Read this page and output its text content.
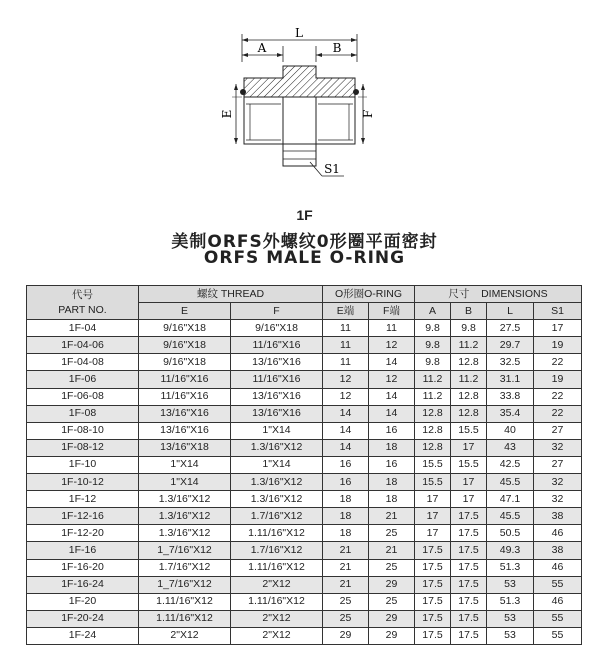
L
A	B
E	F
S1
1F
美制ORFS外螺纹0形圈平面密封
ORFS MALE O-RING
代号
PART NO.	螺纹 THREAD		O形圈O-RING		尺寸    DIMENSIONS			
	E	F	E端	F端	A	B	L	S1
1F-04	9/16"X18	9/16"X18	11	11	9.8	9.8	27.5	17
1F-04-06	9/16"X18	11/16"X16	11	12	9.8	11.2	29.7	19
1F-04-08	9/16"X18	13/16"X16	11	14	9.8	12.8	32.5	22
1F-06	11/16"X16	11/16"X16	12	12	11.2	11.2	31.1	19
1F-06-08	11/16"X16	13/16"X16	12	14	11.2	12.8	33.8	22
1F-08	13/16"X16	13/16"X16	14	14	12.8	12.8	35.4	22
1F-08-10	13/16"X16	1"X14	14	16	12.8	15.5	40	27
1F-08-12	13/16"X18	1.3/16"X12	14	18	12.8	17	43	32
1F-10	1"X14	1"X14	16	16	15.5	15.5	42.5	27
1F-10-12	1"X14	1.3/16"X12	16	18	15.5	17	45.5	32
1F-12	1.3/16"X12	1.3/16"X12	18	18	17	17	47.1	32
1F-12-16	1.3/16"X12	1.7/16"X12	18	21	17	17.5	45.5	38
1F-12-20	1.3/16"X12	1.11/16"X12	18	25	17	17.5	50.5	46
1F-16	1_7/16"X12	1.7/16"X12	21	21	17.5	17.5	49.3	38
1F-16-20	1.7/16"X12	1.11/16"X12	21	25	17.5	17.5	51.3	46
1F-16-24	1_7/16"X12	2"X12	21	29	17.5	17.5	53	55
1F-20	1.11/16"X12	1.11/16"X12	25	25	17.5	17.5	51.3	46
1F-20-24	1.11/16"X12	2"X12	25	29	17.5	17.5	53	55
1F-24	2"X12	2"X12	29	29	17.5	17.5	53	55
